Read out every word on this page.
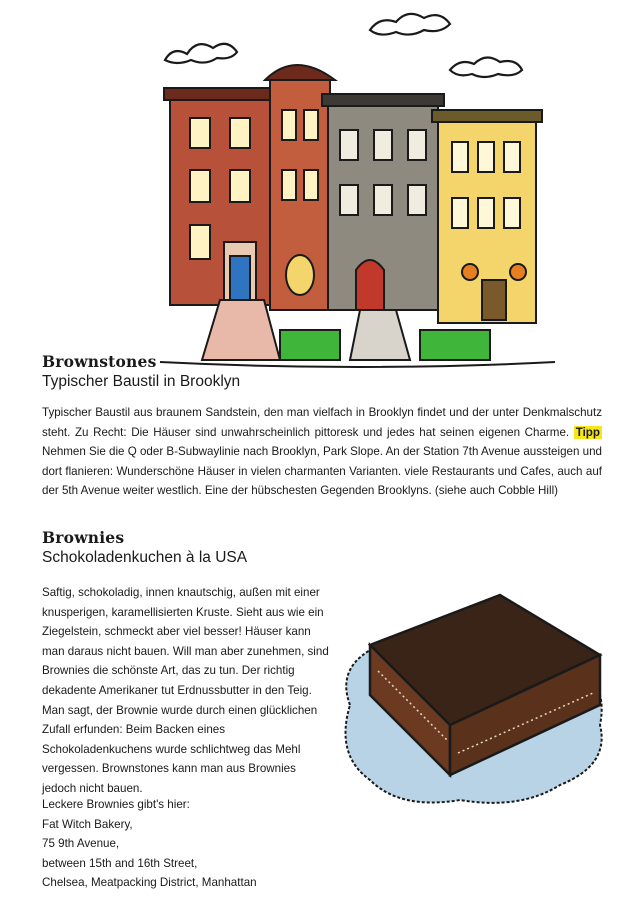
Brownstones
Typischer Baustil in Brooklyn

Typischer Baustil aus braunem Sandstein, den man vielfach in Brooklyn findet und der unter Denkmalschutz steht. Zu Recht: Die Häuser sind unwahrscheinlich pittoresk und jedes hat seinen eigenen Charme. Tipp Nehmen Sie die Q oder B-Subwaylinie nach Brooklyn, Park Slope. An der Station 7th Avenue aussteigen und dort flanieren: Wunderschöne Häuser in vielen charmanten Varianten. viele Restaurants und Cafes, auch auf der 5th Avenue weiter westlich. Eine der hübschesten Gegenden Brooklyns. (siehe auch Cobble Hill)

Brownies
Schokoladenkuchen à la USA

Saftig, schokoladig, innen knautschig, außen mit einer knusperigen, karamellisierten Kruste. Sieht aus wie ein Ziegelstein, schmeckt aber viel besser! Häuser kann man daraus nicht bauen. Will man aber zunehmen, sind Brownies die schönste Art, das zu tun. Der richtig dekadente Amerikaner tut Erdnussbutter in den Teig. Man sagt, der Brownie wurde durch einen glücklichen Zufall erfunden: Beim Backen eines Schokoladenkuchens wurde schlichtweg das Mehl vergessen. Brownstones kann man aus Brownies jedoch nicht bauen.

Leckere Brownies gibt's hier:
Fat Witch Bakery,
75 9th Avenue,
between 15th and 16th Street,
Chelsea, Meatpacking District, Manhattan
